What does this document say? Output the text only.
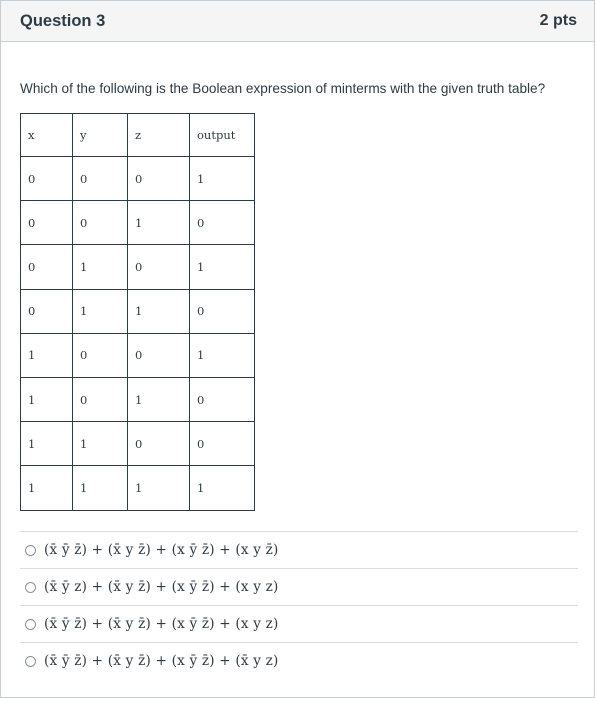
Question 3	2 pts
Which of the following is the Boolean expression of minterms with the given truth table?
x	y	z	output
0	0	0	1
0	0	1	0
0	1	0	1
0	1	1	0
1	0	0	1
1	0	1	0
1	1	0	0
1	1	1	1
(x̄ ȳ z̄) + (x̄ y z̄) + (x ȳ z̄) + (x y z̄)
(x̄ ȳ z) + (x̄ y z̄) + (x ȳ z̄) + (x y z)
(x̄ ȳ z̄) + (x̄ y z̄) + (x ȳ z̄) + (x y z)
(x̄ ȳ z̄) + (x̄ y z̄) + (x ȳ z̄) + (x̄ y z)
